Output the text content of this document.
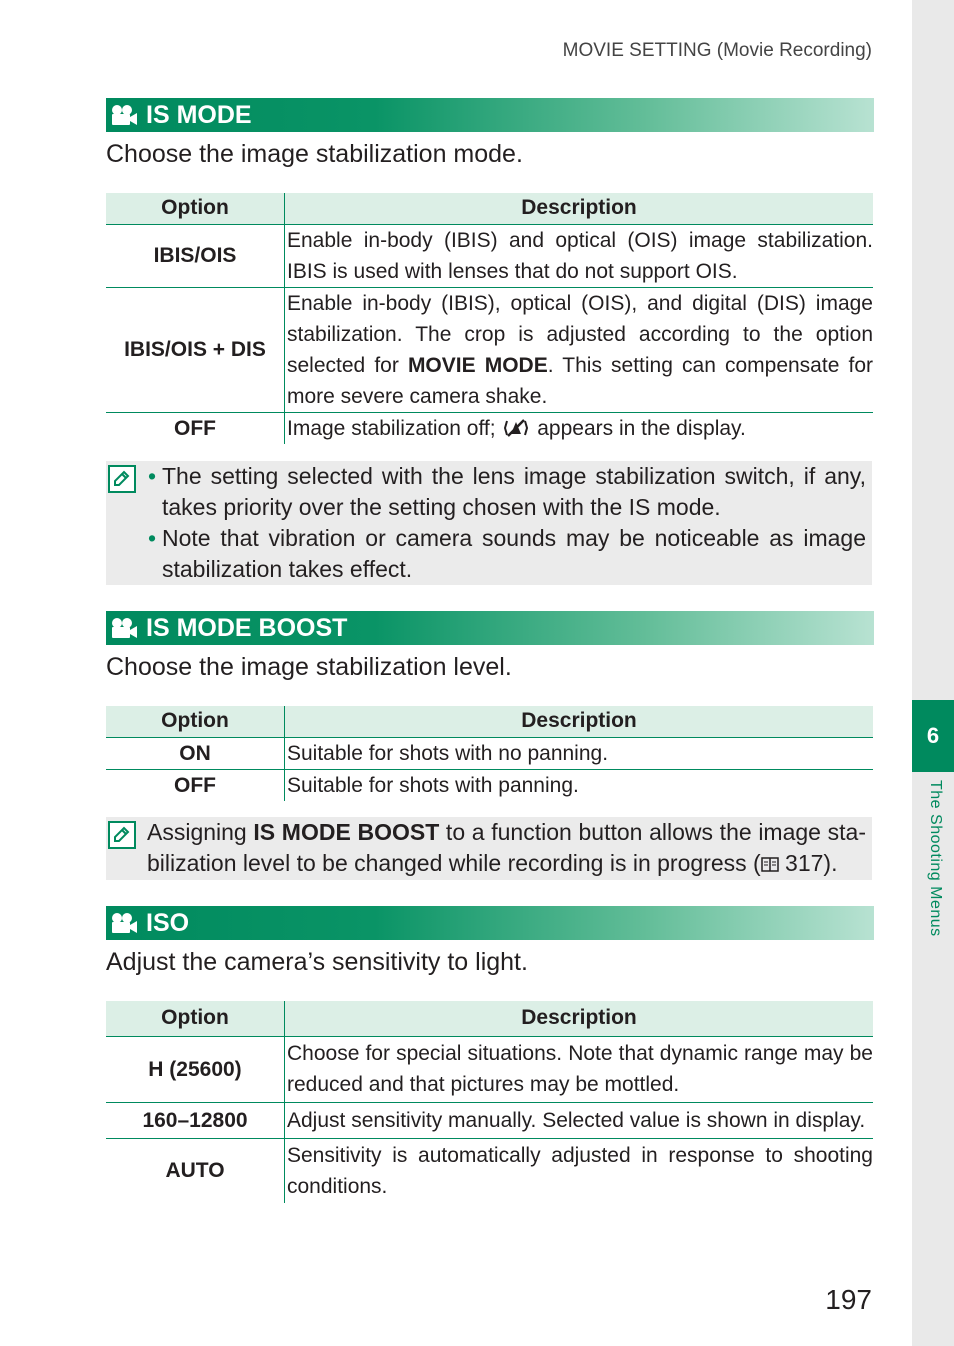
MOVIE SETTING (Movie Recording)
6
The Shooting Menus
IS MODE
Choose the image stabilization mode.
Option	Description
IBIS/OIS	Enable in-body (IBIS) and optical (OIS) image stabilization. IBIS is used with lenses that do not support OIS.
IBIS/OIS + DIS	Enable in-body (IBIS), optical (OIS), and digital (DIS) image stabilization. The crop is adjusted according to the option selected for MOVIE MODE. This setting can compensate for more severe camera shake.
OFF	Image stabilization off;  appears in the display.
• The setting selected with the lens image stabilization switch, if any, takes priority over the setting chosen with the IS mode.
• Note that vibration or camera sounds may be noticeable as image stabilization takes effect.
IS MODE BOOST
Choose the image stabilization level.
Option	Description
ON	Suitable for shots with no panning.
OFF	Suitable for shots with panning.

Assigning IS MODE BOOST to a function button allows the image stabilization level to be changed while recording is in progress ( 317).

ISO
Adjust the camera’s sensitivity to light.
Option	Description
H (25600)	Choose for special situations. Note that dynamic range may be reduced and that pictures may be mottled.
160–12800	Adjust sensitivity manually. Selected value is shown in display.
AUTO	Sensitivity is automatically adjusted in response to shooting conditions.
197
